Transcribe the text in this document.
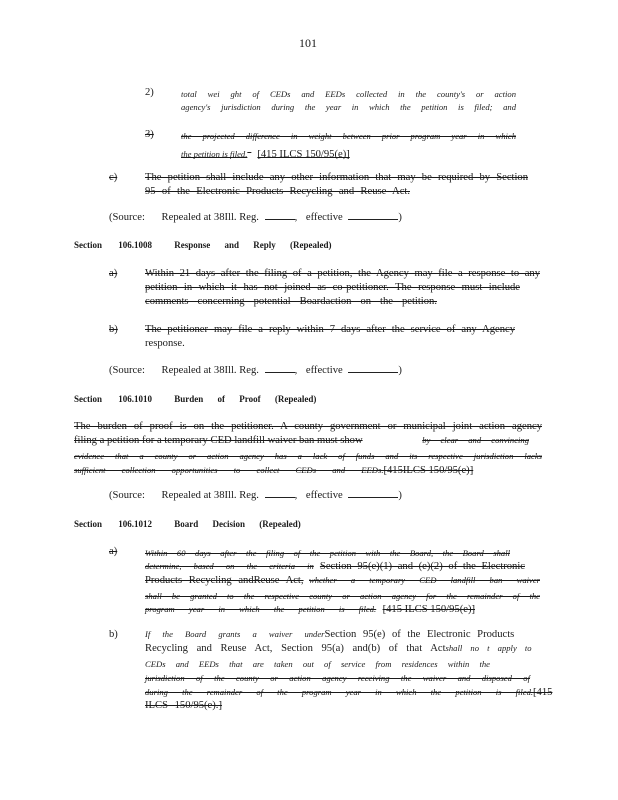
101
2)	total wei ght of CEDs and EEDs collected in the county's or action
agency's jurisdiction during the year in which the petition is filed; and
3)	the projected difference in weight between prior program year in which
the petition is filed. [415 ILCS 150/95(e)]
c)	The petition shall include any other information that may be required by Section
95 of the Electronic Products Recycling and Reuse Act.
(Source: Repealed at 38Ill. Reg.	, effective	)
Section 106.1008 Response and Reply (Repealed)
a)	Within 21 days after the filing of a petition, the Agency may file a response to any
petition in which it has not joined as co-petitioner. The response must include
comments concerning potential Boardaction on the petition.
b)	The petitioner may file a reply within 7 days after the service of any Agency
response.
(Source: Repealed at 38Ill. Reg.	, effective	)
Section 106.1010 Burden of Proof (Repealed)
The burden of proof is on the petitioner. A county government or municipal joint action agency
filing a petition for a temporary CED landfill waiver ban must show	by clear and convincing
evidence that a county or action agency has a lack of funds and its respective jurisdiction lacks
sufficient collection opportunities to collect CEDs and EEDs. [415ILCS 150/95(e)]
(Source: Repealed at 38Ill. Reg.	, effective	)
Section 106.1012 Board Decision (Repealed)
a)	Within 60 days after the filing of the petition with the Board, the Board shall
determine, based on the criteria in Section 95(e)(1) and (e)(2) of the Electronic
Products Recycling andReuse Act, whether a temporary CED landfill ban waiver
shall be granted to the respective county or action agency for the remainder of the
program year in which the petition is filed. [415 ILCS 150/95(e)]
b)	If the Board grants a waiver under Section 95(e) of the Electronic Products
Recycling and Reuse Act, Section 95(a) and(b) of that Act shall no t apply to
CEDs and EEDs that are taken out of service from residences within the
jurisdiction of the county or action agency receiving the waiver and disposed of
during the remainder of the program year in which the petition is filed. [415
ILCS 150/95(e).]
